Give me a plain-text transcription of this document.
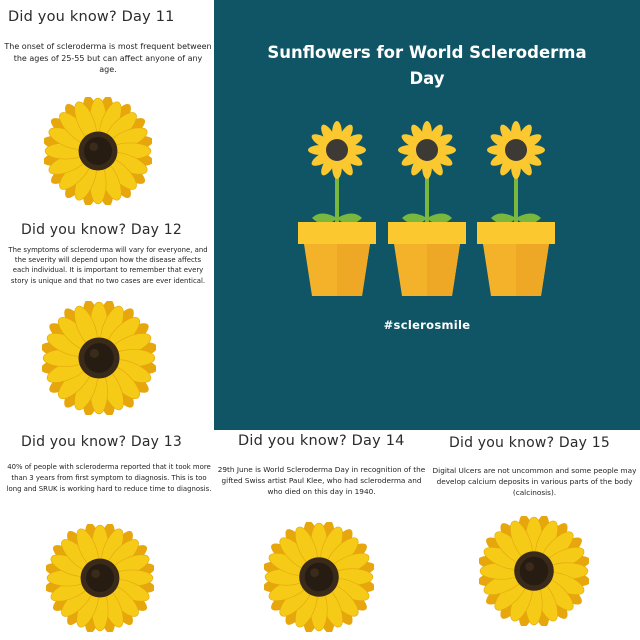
Did you know? Day 11

The onset of scleroderma is most frequent between the ages of 25-55 but can affect anyone of any age.

Did you know? Day 12

The symptoms of scleroderma will vary for everyone, and the severity will depend upon how the disease affects each individual. It is important to remember that every story is unique and that no two cases are ever identical.

Did you know? Day 13

40% of people with scleroderma reported that it took more than 3 years from first symptom to diagnosis. This is too long and SRUK is working hard to reduce time to diagnosis.

Did you know? Day 14

29th June is World Scleroderma Day in recognition of the gifted Swiss artist Paul Klee, who had scleroderma and who died on this day in 1940.

Did you know? Day 15

Digital Ulcers are not uncommon and some people may develop calcium deposits in various parts of the body (calcinosis).

Sunflowers for World Scleroderma Day
#sclerosmile
